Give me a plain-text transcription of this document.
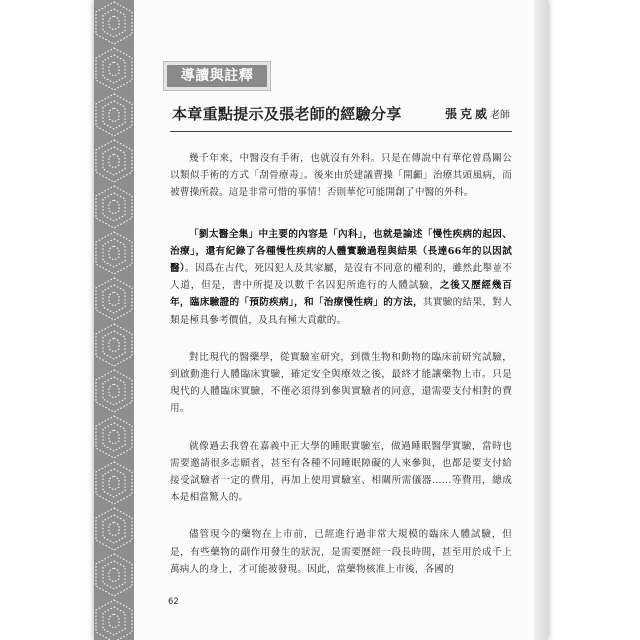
導讀與註釋
本章重點提示及張老師的經驗分享	張克威老師

幾千年來，中醫沒有手術，也就沒有外科。只是在傳說中有華佗曾爲關公以類似手術的方式「刮骨療毒」。後來由於建議曹操「開顱」治療其頭風病，而被曹操所殺。這是非常可惜的事情！否則華佗可能開創了中醫的外科。

「劉太醫全集」中主要的內容是「內科」，也就是論述「慢性疾病的起因、治療」，還有紀錄了各種慢性疾病的人體實驗過程與結果（長達66年的以因試醫）。因爲在古代，死囚犯人及其家屬，是沒有不同意的權利的，雖然此舉並不人道，但是，書中所提及以數千名囚犯所進行的人體試驗，之後又歷經幾百年，臨床驗證的「預防疾病」，和「治療慢性病」的方法，其實驗的結果，對人類是極具參考價值，及具有極大貢獻的。

對比現代的醫藥學，從實驗室研究，到微生物和動物的臨床前研究試驗，到啟動進行人體臨床實驗，確定安全與療效之後，最終才能讓藥物上市。只是現代的人體臨床實驗，不僅必須得到參與實驗者的同意，還需要支付相對的費用。

就像過去我曾在嘉義中正大學的睡眠實驗室，做過睡眠醫學實驗，當時也需要邀請很多志願者，甚至有各種不同睡眠障礙的人來參與，也都是要支付給接受試驗者一定的費用，再加上使用實驗室、相關所需儀器……等費用，總成本是相當驚人的。

儘管現今的藥物在上市前，已經進行過非常大規模的臨床人體試驗，但是，有些藥物的副作用發生的狀況，是需要歷經一段長時間，甚至用於成千上萬病人的身上，才可能被發現。因此，當藥物核准上市後，各國的

62
